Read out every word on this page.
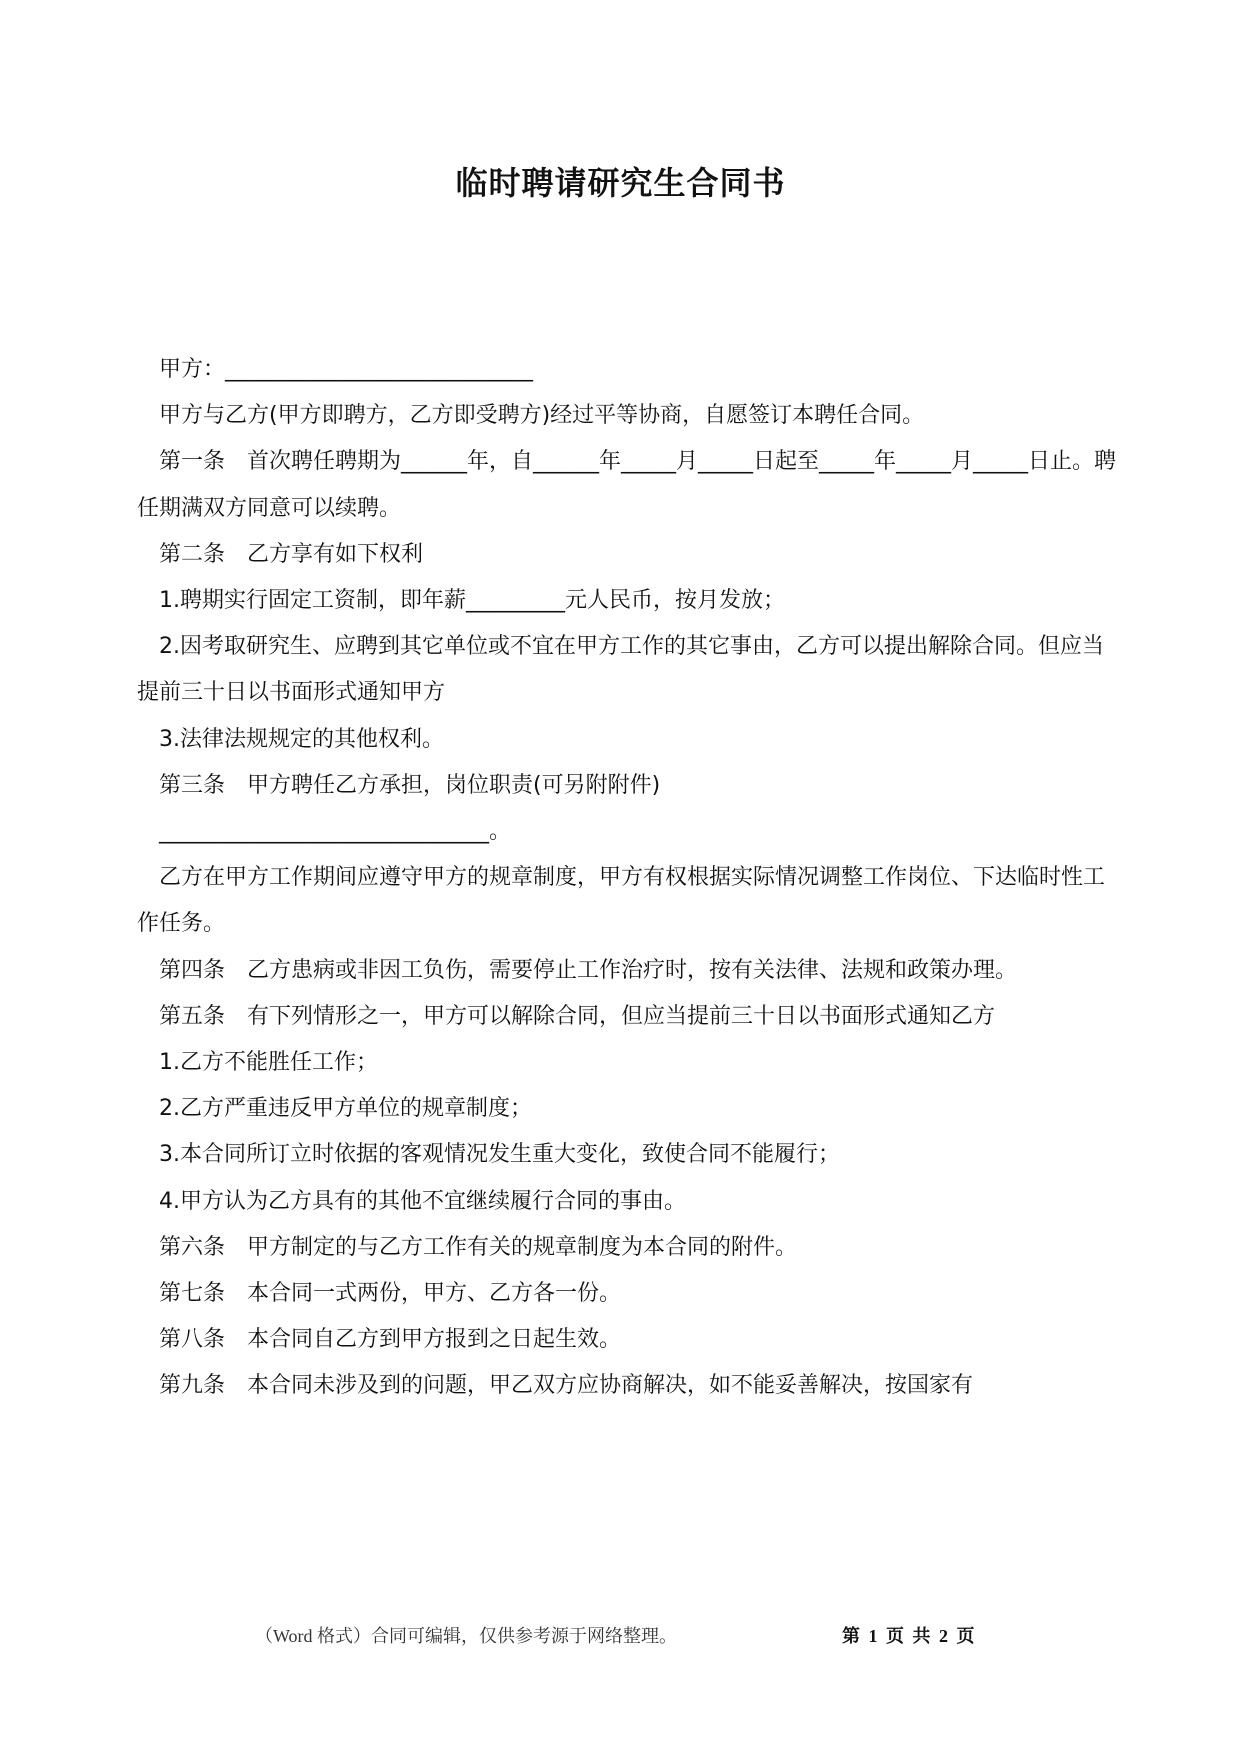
临时聘请研究生合同书

甲方：____________________________

甲方与乙方(甲方即聘方，乙方即受聘方)经过平等协商，自愿签订本聘任合同。

第一条　首次聘任聘期为______年，自______年_____月_____日起至_____年_____月_____日止。聘任期满双方同意可以续聘。

第二条　乙方享有如下权利

1.聘期实行固定工资制，即年薪_________元人民币，按月发放；

2.因考取研究生、应聘到其它单位或不宜在甲方工作的其它事由，乙方可以提出解除合同。但应当提前三十日以书面形式通知甲方

3.法律法规规定的其他权利。

第三条　甲方聘任乙方承担，岗位职责(可另附附件)

______________________________。

乙方在甲方工作期间应遵守甲方的规章制度，甲方有权根据实际情况调整工作岗位、下达临时性工作任务。

第四条　乙方患病或非因工负伤，需要停止工作治疗时，按有关法律、法规和政策办理。

第五条　有下列情形之一，甲方可以解除合同，但应当提前三十日以书面形式通知乙方

1.乙方不能胜任工作；

2.乙方严重违反甲方单位的规章制度；

3.本合同所订立时依据的客观情况发生重大变化，致使合同不能履行；

4.甲方认为乙方具有的其他不宜继续履行合同的事由。

第六条　甲方制定的与乙方工作有关的规章制度为本合同的附件。

第七条　本合同一式两份，甲方、乙方各一份。

第八条　本合同自乙方到甲方报到之日起生效。

第九条　本合同未涉及到的问题，甲乙双方应协商解决，如不能妥善解决，按国家有

（Word 格式）合同可编辑，仅供参考源于网络整理。	第 1 页 共 2 页
